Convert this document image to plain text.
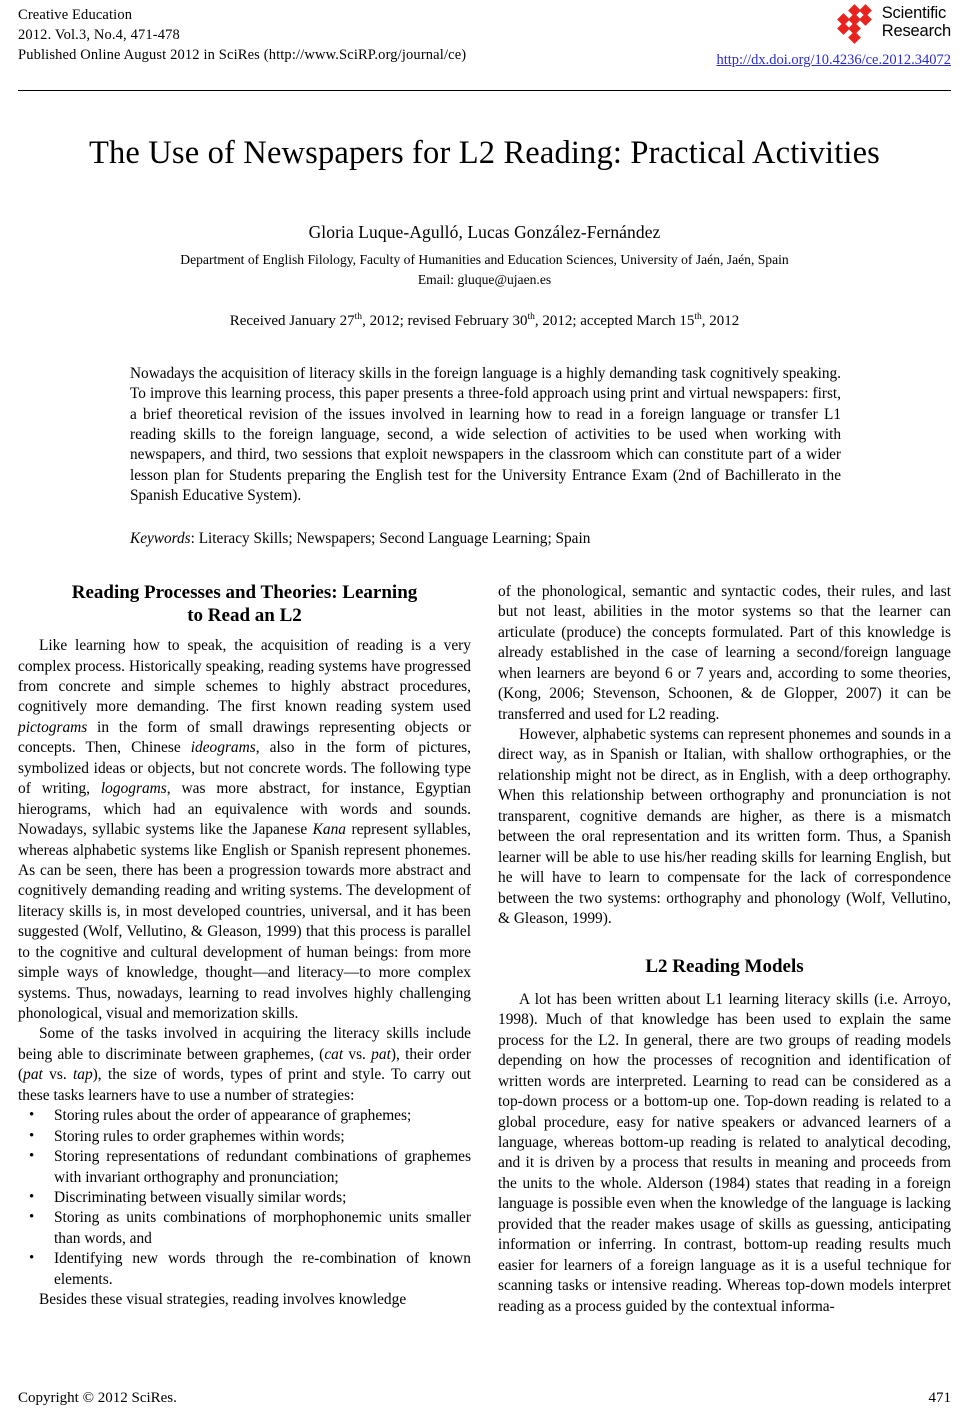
Creative Education
2012. Vol.3, No.4, 471-478
Published Online August 2012 in SciRes (http://www.SciRP.org/journal/ce)
Scientific
Research
http://dx.doi.org/10.4236/ce.2012.34072
The Use of Newspapers for L2 Reading: Practical Activities
Gloria Luque-Agulló, Lucas González-Fernández
Department of English Filology, Faculty of Humanities and Education Sciences, University of Jaén, Jaén, Spain
Email: gluque@ujaen.es
Received January 27th, 2012; revised February 30th, 2012; accepted March 15th, 2012
Nowadays the acquisition of literacy skills in the foreign language is a highly demanding task cognitively speaking. To improve this learning process, this paper presents a three-fold approach using print and virtual newspapers: first, a brief theoretical revision of the issues involved in learning how to read in a foreign language or transfer L1 reading skills to the foreign language, second, a wide selection of activities to be used when working with newspapers, and third, two sessions that exploit newspapers in the classroom which can constitute part of a wider lesson plan for Students preparing the English test for the University Entrance Exam (2nd of Bachillerato in the Spanish Educative System).
Keywords: Literacy Skills; Newspapers; Second Language Learning; Spain
Reading Processes and Theories: Learning
to Read an L2

Like learning how to speak, the acquisition of reading is a very complex process. Historically speaking, reading systems have progressed from concrete and simple schemes to highly abstract procedures, cognitively more demanding. The first known reading system used pictograms in the form of small drawings representing objects or concepts. Then, Chinese ideograms, also in the form of pictures, symbolized ideas or objects, but not concrete words. The following type of writing, logograms, was more abstract, for instance, Egyptian hierograms, which had an equivalence with words and sounds. Nowadays, syllabic systems like the Japanese Kana represent syllables, whereas alphabetic systems like English or Spanish represent phonemes. As can be seen, there has been a progression towards more abstract and cognitively demanding reading and writing systems. The development of literacy skills is, in most developed countries, universal, and it has been suggested (Wolf, Vellutino, & Gleason, 1999) that this process is parallel to the cognitive and cultural development of human beings: from more simple ways of knowledge, thought—and literacy—to more complex systems. Thus, nowadays, learning to read involves highly challenging phonological, visual and memorization skills.

Some of the tasks involved in acquiring the literacy skills include being able to discriminate between graphemes, (cat vs. pat), their order (pat vs. tap), the size of words, types of print and style. To carry out these tasks learners have to use a number of strategies:

• Storing rules about the order of appearance of graphemes;
• Storing rules to order graphemes within words;
• Storing representations of redundant combinations of graphemes with invariant orthography and pronunciation;
• Discriminating between visually similar words;
• Storing as units combinations of morphophonemic units smaller than words, and
• Identifying new words through the re-combination of known elements.

Besides these visual strategies, reading involves knowledge

of the phonological, semantic and syntactic codes, their rules, and last but not least, abilities in the motor systems so that the learner can articulate (produce) the concepts formulated. Part of this knowledge is already established in the case of learning a second/foreign language when learners are beyond 6 or 7 years and, according to some theories, (Kong, 2006; Stevenson, Schoonen, & de Glopper, 2007) it can be transferred and used for L2 reading.

However, alphabetic systems can represent phonemes and sounds in a direct way, as in Spanish or Italian, with shallow orthographies, or the relationship might not be direct, as in English, with a deep orthography. When this relationship between orthography and pronunciation is not transparent, cognitive demands are higher, as there is a mismatch between the oral representation and its written form. Thus, a Spanish learner will be able to use his/her reading skills for learning English, but he will have to learn to compensate for the lack of correspondence between the two systems: orthography and phonology (Wolf, Vellutino, & Gleason, 1999).

L2 Reading Models

A lot has been written about L1 learning literacy skills (i.e. Arroyo, 1998). Much of that knowledge has been used to explain the same process for the L2. In general, there are two groups of reading models depending on how the processes of recognition and identification of written words are interpreted. Learning to read can be considered as a top-down process or a bottom-up one. Top-down reading is related to a global procedure, easy for native speakers or advanced learners of a language, whereas bottom-up reading is related to analytical decoding, and it is driven by a process that results in meaning and proceeds from the units to the whole. Alderson (1984) states that reading in a foreign language is possible even when the knowledge of the language is lacking provided that the reader makes usage of skills as guessing, anticipating information or inferring. In contrast, bottom-up reading results much easier for learners of a foreign language as it is a useful technique for scanning tasks or intensive reading. Whereas top-down models interpret reading as a process guided by the contextual informa-

Copyright © 2012 SciRes.	471
